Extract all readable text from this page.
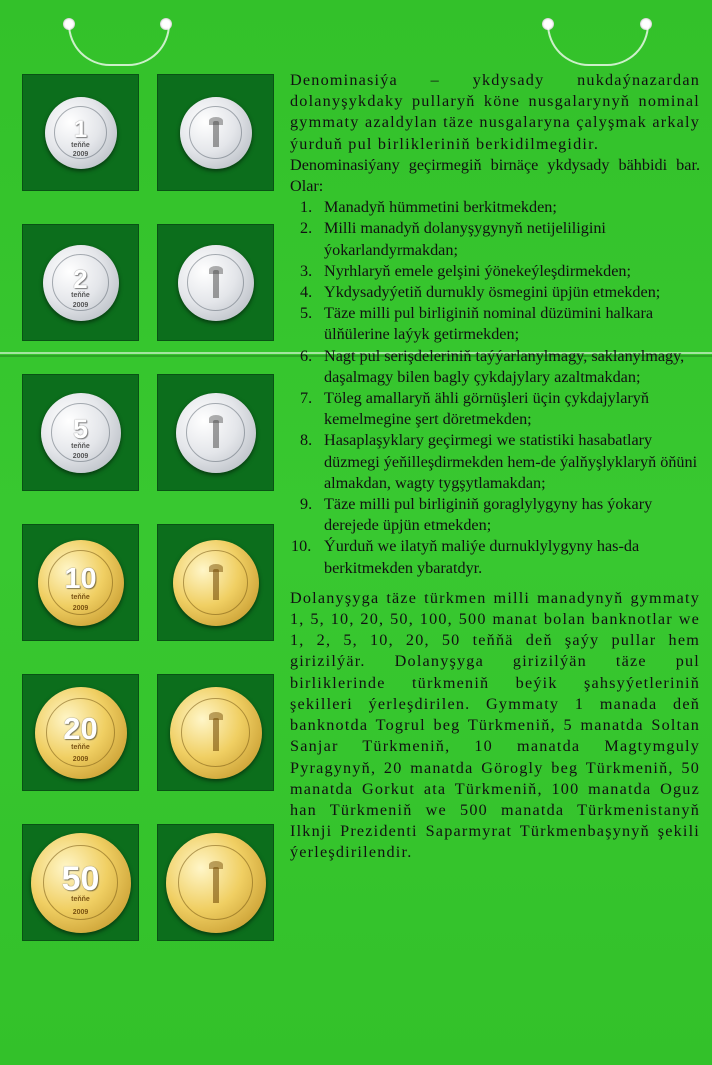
1
teňňe
2009
2
teňňe
2009
5
teňňe
2009
10
teňňe
2009
20
teňňe
2009
50
teňňe
2009

Denominasiýa – ykdysady nukdaýnazardan dolanyşykdaky pullaryň köne nusgalarynyň nominal gymmaty azaldylan täze nusgalaryna çalyşmak arkaly ýurduň pul birlikleriniň berkidilmegidir.

Denominasiýany geçirmegiň birnäçe ykdysady bähbidi bar. Olar:

1. Manadyň hümmetini berkitmekden;
2. Milli manadyň dolanyşygynyň netijeliligini ýokarlandyrmakdan;
3. Nyrhlaryň emele gelşini ýönekeýleşdirmekden;
4. Ykdysadyýetiň durnukly ösmegini üpjün etmekden;
5. Täze milli pul birliginiň nominal düzümini halkara ülňülerine laýyk getirmekden;
6. Nagt pul serişdeleriniň taýýarlanylmagy, saklanylmagy, daşalmagy bilen bagly çykdajylary azaltmakdan;
7. Töleg amallaryň ähli görnüşleri üçin çykdajylaryň kemelmegine şert döretmekden;
8. Hasaplaşyklary geçirmegi we statistiki hasabatlary düzmegi ýeňilleşdirmekden hem-de ýalňyşlyklaryň öňüni almakdan, wagty tygşytlamakdan;
9. Täze milli pul birliginiň goraglylygyny has ýokary derejede üpjün etmekden;
10. Ýurduň we ilatyň maliýe durnuklylygyny has-da berkitmekden ybaratdyr.

Dolanyşyga täze türkmen milli manadynyň gymmaty 1, 5, 10, 20, 50, 100, 500 manat bolan banknotlar we 1, 2, 5, 10, 20, 50 teňňä deň şaýy pullar hem girizilýär. Dolanyşyga girizilýän täze pul birliklerinde türkmeniň beýik şahsyýetleriniň şekilleri ýerleşdirilen. Gymmaty 1 manada deň banknotda Togrul beg Türkmeniň, 5 manatda Soltan Sanjar Türkmeniň, 10 manatda Magtymguly Pyragynyň, 20 manatda Görogly beg Türkmeniň, 50 manatda Gorkut ata Türkmeniň, 100 manatda Oguz han Türkmeniň we 500 manatda Türkmenistanyň Ilknji Prezidenti Saparmyrat Türkmenbaşynyň şekili ýerleşdirilendir.
